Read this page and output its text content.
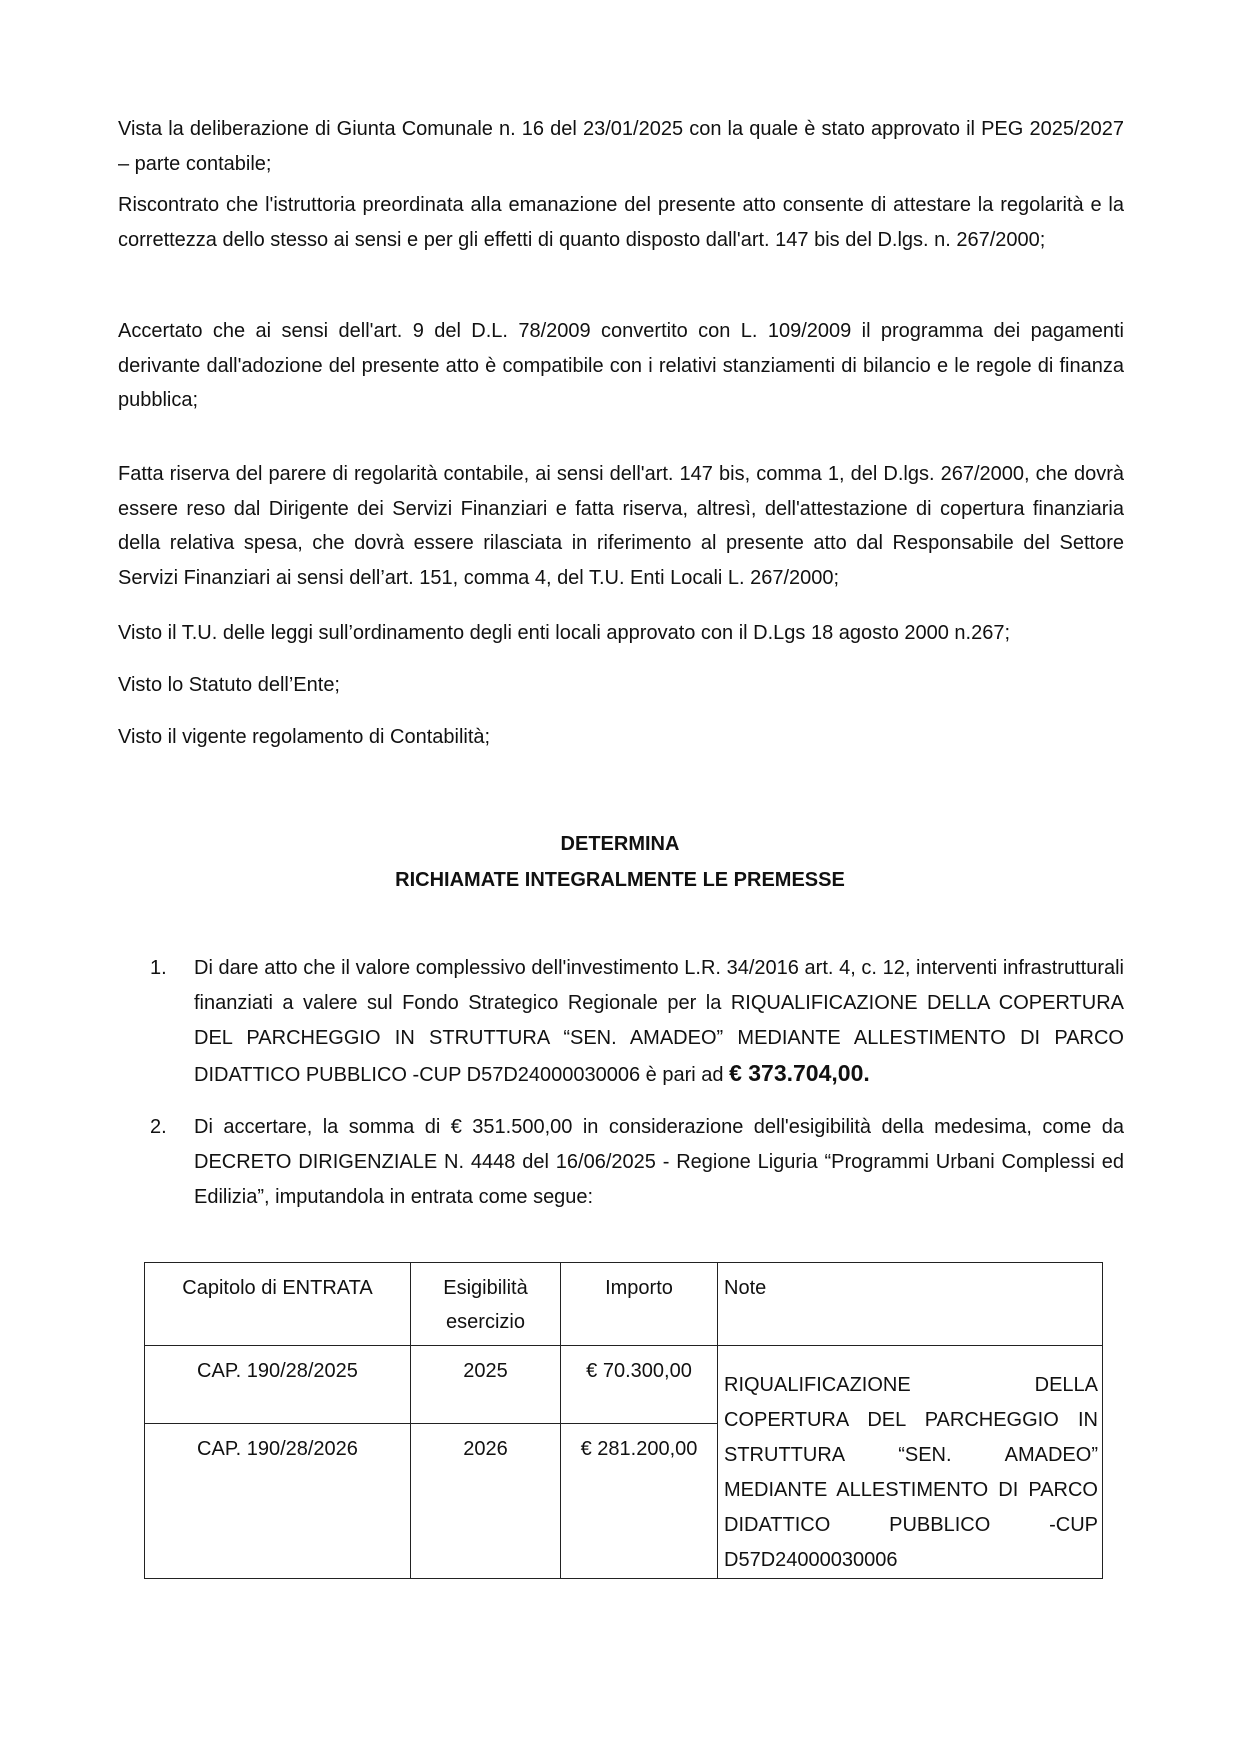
Vista la deliberazione di Giunta Comunale n. 16 del 23/01/2025 con la quale è stato approvato il PEG 2025/2027 – parte contabile;

Riscontrato che l'istruttoria preordinata alla emanazione del presente atto consente di attestare la regolarità e la correttezza dello stesso ai sensi e per gli effetti di quanto disposto dall'art. 147 bis del D.lgs. n. 267/2000;

Accertato che ai sensi dell'art. 9 del D.L. 78/2009 convertito con L. 109/2009 il programma dei pagamenti derivante dall'adozione del presente atto è compatibile con i relativi stanziamenti di bilancio e le regole di finanza pubblica;

Fatta riserva del parere di regolarità contabile, ai sensi dell'art. 147 bis, comma 1, del D.lgs. 267/2000, che dovrà essere reso dal Dirigente dei Servizi Finanziari e fatta riserva, altresì, dell'attestazione di copertura finanziaria della relativa spesa, che dovrà essere rilasciata in riferimento al presente atto dal Responsabile del Settore Servizi Finanziari ai sensi dell’art. 151, comma 4, del T.U. Enti Locali L. 267/2000;

Visto il T.U. delle leggi sull’ordinamento degli enti locali approvato con il D.Lgs 18 agosto 2000 n.267;

Visto lo Statuto dell’Ente;

Visto il vigente regolamento di Contabilità;

DETERMINA

RICHIAMATE INTEGRALMENTE LE PREMESSE

1.	Di dare atto che il valore complessivo dell'investimento L.R. 34/2016 art. 4, c. 12, interventi infrastrutturali finanziati a valere sul Fondo Strategico Regionale per la RIQUALIFICAZIONE DELLA COPERTURA DEL PARCHEGGIO IN STRUTTURA “SEN. AMADEO” MEDIANTE ALLESTIMENTO DI PARCO DIDATTICO PUBBLICO -CUP D57D24000030006 è pari ad € 373.704,00.

2.	Di accertare, la somma di € 351.500,00 in considerazione dell'esigibilità della medesima, come da DECRETO DIRIGENZIALE N. 4448 del 16/06/2025 - Regione Liguria “Programmi Urbani Complessi ed Edilizia”, imputandola in entrata come segue:

Capitolo di ENTRATA	Esigibilità esercizio	Importo	Note
CAP. 190/28/2025	2025	€ 70.300,00	RIQUALIFICAZIONE DELLA COPERTURA DEL PARCHEGGIO IN STRUTTURA “SEN. AMADEO” MEDIANTE ALLESTIMENTO DI PARCO DIDATTICO PUBBLICO -CUP D57D24000030006

CAP. 190/28/2026	2026	€ 281.200,00	
